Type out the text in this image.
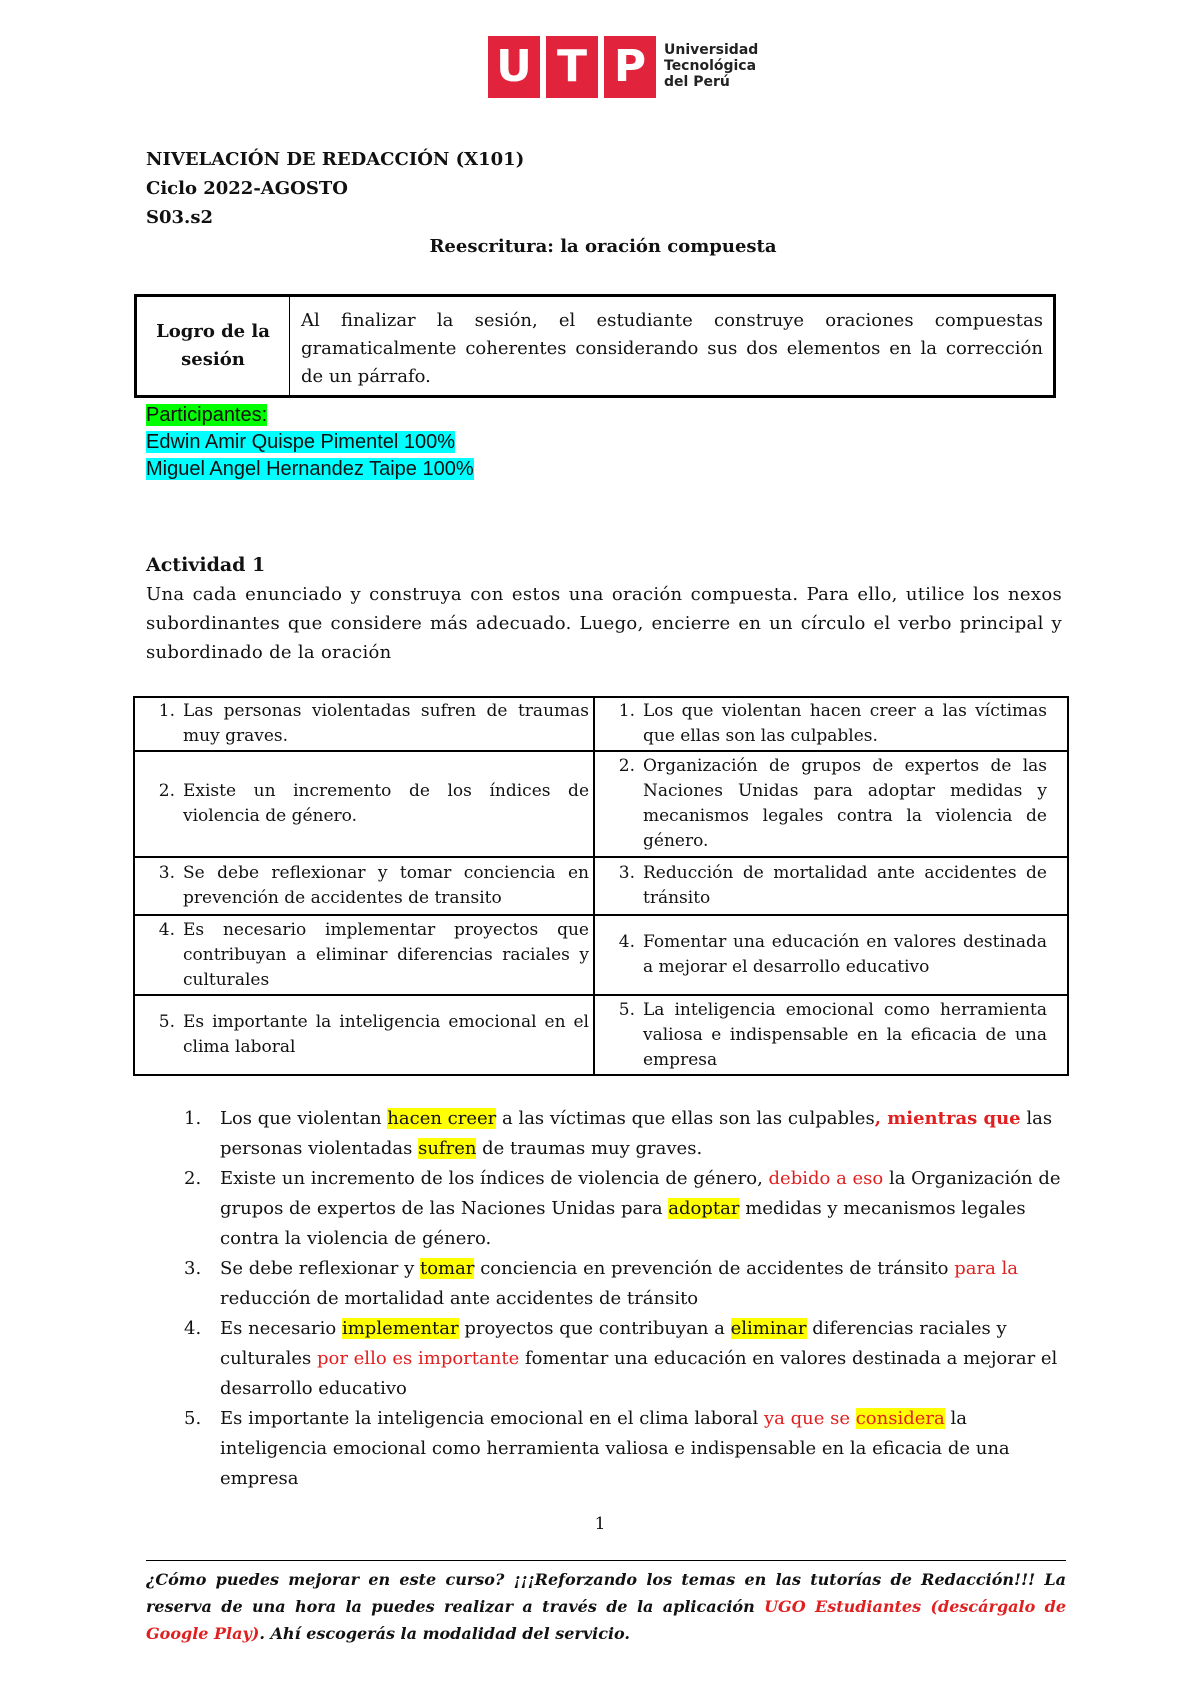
U T P	Universidad
Tecnológica
del Perú
NIVELACIÓN DE REDACCIÓN (X101)
Ciclo 2022-AGOSTO
S03.s2
Reescritura: la oración compuesta
Logro de la sesión
Al finalizar la sesión, el estudiante construye oraciones compuestas gramaticalmente coherentes considerando sus dos elementos en la corrección de un párrafo.
Participantes:
Edwin Amir Quispe Pimentel 100%
Miguel Angel Hernandez Taipe 100%
Actividad 1
Una cada enunciado y construya con estos una oración compuesta. Para ello, utilice los nexos subordinantes que considere más adecuado. Luego, encierre en un círculo el verbo principal y subordinado de la oración
1. Las personas violentadas sufren de traumas muy graves.
1. Los que violentan hacen creer a las víctimas que ellas son las culpables.
2. Existe un incremento de los índices de violencia de género.
2. Organización de grupos de expertos de las Naciones Unidas para adoptar medidas y mecanismos legales contra la violencia de género.
3. Se debe reflexionar y tomar conciencia en prevención de accidentes de transito
3. Reducción de mortalidad ante accidentes de tránsito
4. Es necesario implementar proyectos que contribuyan a eliminar diferencias raciales y culturales
4. Fomentar una educación en valores destinada a mejorar el desarrollo educativo
5. Es importante la inteligencia emocional en el clima laboral
5. La inteligencia emocional como herramienta valiosa e indispensable en la eficacia de una empresa
1. Los que violentan hacen creer a las víctimas que ellas son las culpables, mientras que las personas violentadas sufren de traumas muy graves.
2. Existe un incremento de los índices de violencia de género, debido a eso la Organización de grupos de expertos de las Naciones Unidas para adoptar medidas y mecanismos legales contra la violencia de género.
3. Se debe reflexionar y tomar conciencia en prevención de accidentes de tránsito para la reducción de mortalidad ante accidentes de tránsito
4. Es necesario implementar proyectos que contribuyan a eliminar diferencias raciales y culturales por ello es importante fomentar una educación en valores destinada a mejorar el desarrollo educativo
5. Es importante la inteligencia emocional en el clima laboral ya que se considera la inteligencia emocional como herramienta valiosa e indispensable en la eficacia de una empresa
1
¿Cómo puedes mejorar en este curso? ¡¡¡Reforzando los temas en las tutorías de Redacción!!! La reserva de una hora la puedes realizar a través de la aplicación UGO Estudiantes (descárgalo de Google Play). Ahí escogerás la modalidad del servicio.
